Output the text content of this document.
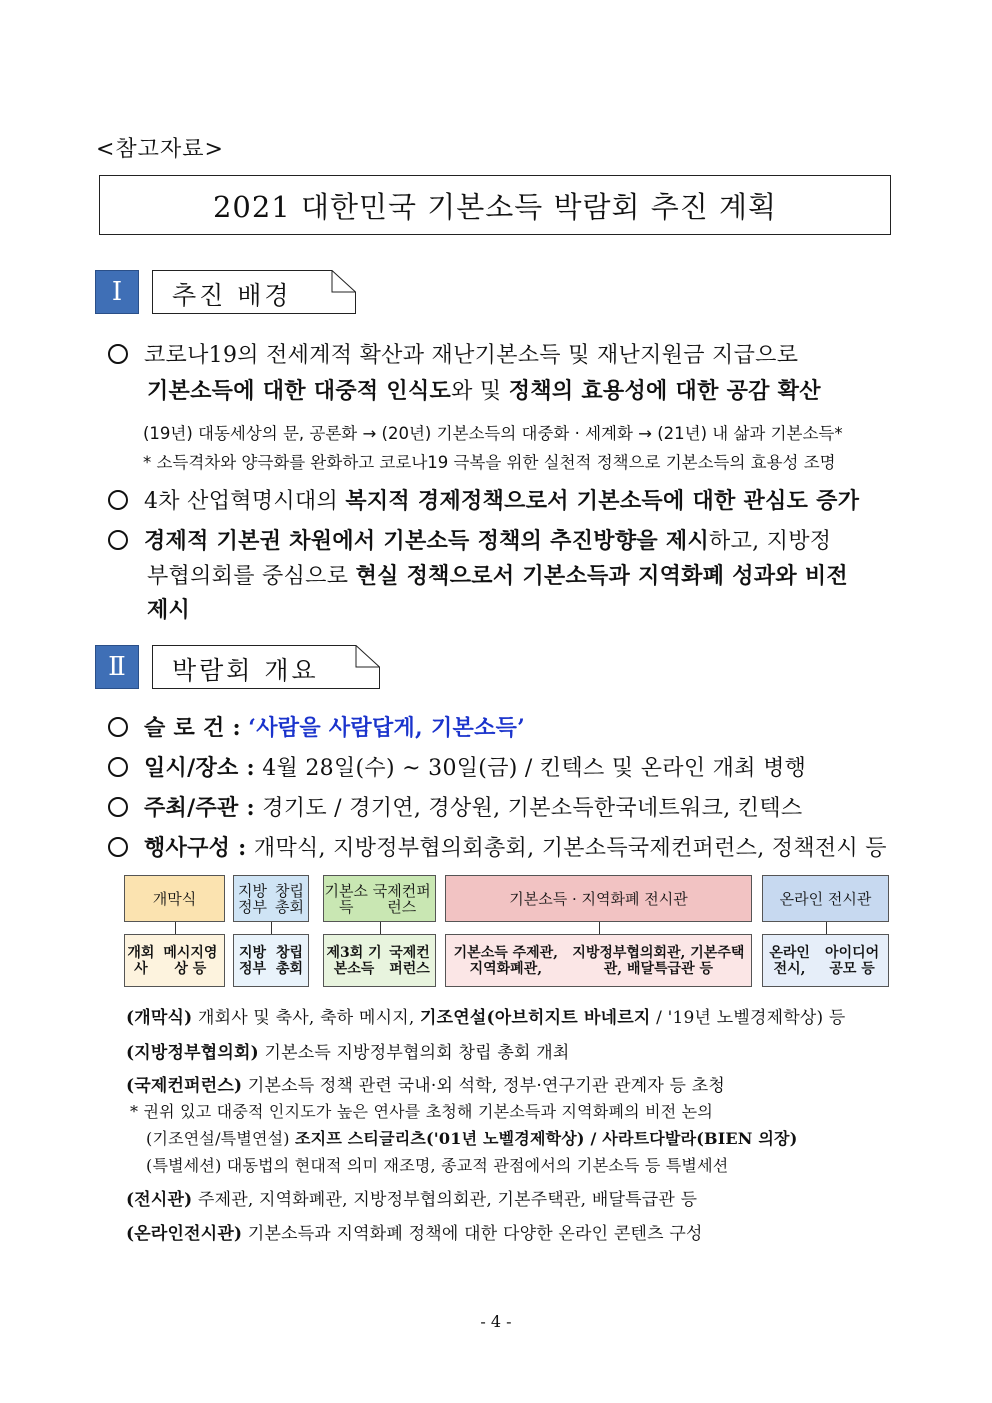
<참고자료>
2021 대한민국 기본소득 박람회 추진 계획
Ⅰ	추진 배경
코로나19의 전세계적 확산과 재난기본소득 및 재난지원금 지급으로
기본소득에 대한 대중적 인식도와 및 정책의 효용성에 대한 공감 확산
(19년) 대동세상의 문, 공론화 → (20년) 기본소득의 대중화 · 세계화 → (21년) 내 삶과 기본소득*
* 소득격차와 양극화를 완화하고 코로나19 극복을 위한 실천적 정책으로 기본소득의 효용성 조명
4차 산업혁명시대의 복지적 경제정책으로서 기본소득에 대한 관심도 증가
경제적 기본권 차원에서 기본소득 정책의 추진방향을 제시하고, 지방정
부협의회를 중심으로 현실 정책으로서 기본소득과 지역화폐 성과와 비전
제시
Ⅱ	박람회 개요
슬 로 건 : ‘사람을 사람답게, 기본소득’
일시/장소 : 4월 28일(수) ~ 30일(금) / 킨텍스 및 온라인 개최 병행
주최/주관 : 경기도 / 경기연, 경상원, 기본소득한국네트워크, 킨텍스
행사구성 : 개막식, 지방정부협의회총회, 기본소득국제컨퍼런스, 정책전시 등
개막식	지방정부
창립총회
기본소득
국제컨퍼런스	기본소득 · 지역화폐 전시관	온라인 전시관
개회사
메시지영상 등
지방정부
창립총회
제3회 기본소득
국제컨퍼런스
기본소득 주제관, 지역화폐관,
지방정부협의회관, 기본주택관, 배달특급관 등
온라인 전시,
아이디어 공모 등
(개막식) 개회사 및 축사, 축하 메시지, 기조연설(아브히지트 바네르지 / '19년 노벨경제학상) 등
(지방정부협의회) 기본소득 지방정부협의회 창립 총회 개최
(국제컨퍼런스) 기본소득 정책 관련 국내·외 석학, 정부·연구기관 관계자 등 초청
* 권위 있고 대중적 인지도가 높은 연사를 초청해 기본소득과 지역화폐의 비전 논의
(기조연설/특별연설) 조지프 스티글리츠('01년 노벨경제학상) / 사라트다발라(BIEN 의장)
(특별세션) 대동법의 현대적 의미 재조명, 종교적 관점에서의 기본소득 등 특별세션
(전시관) 주제관, 지역화폐관, 지방정부협의회관, 기본주택관, 배달특급관 등
(온라인전시관) 기본소득과 지역화폐 정책에 대한 다양한 온라인 콘텐츠 구성
- 4 -
